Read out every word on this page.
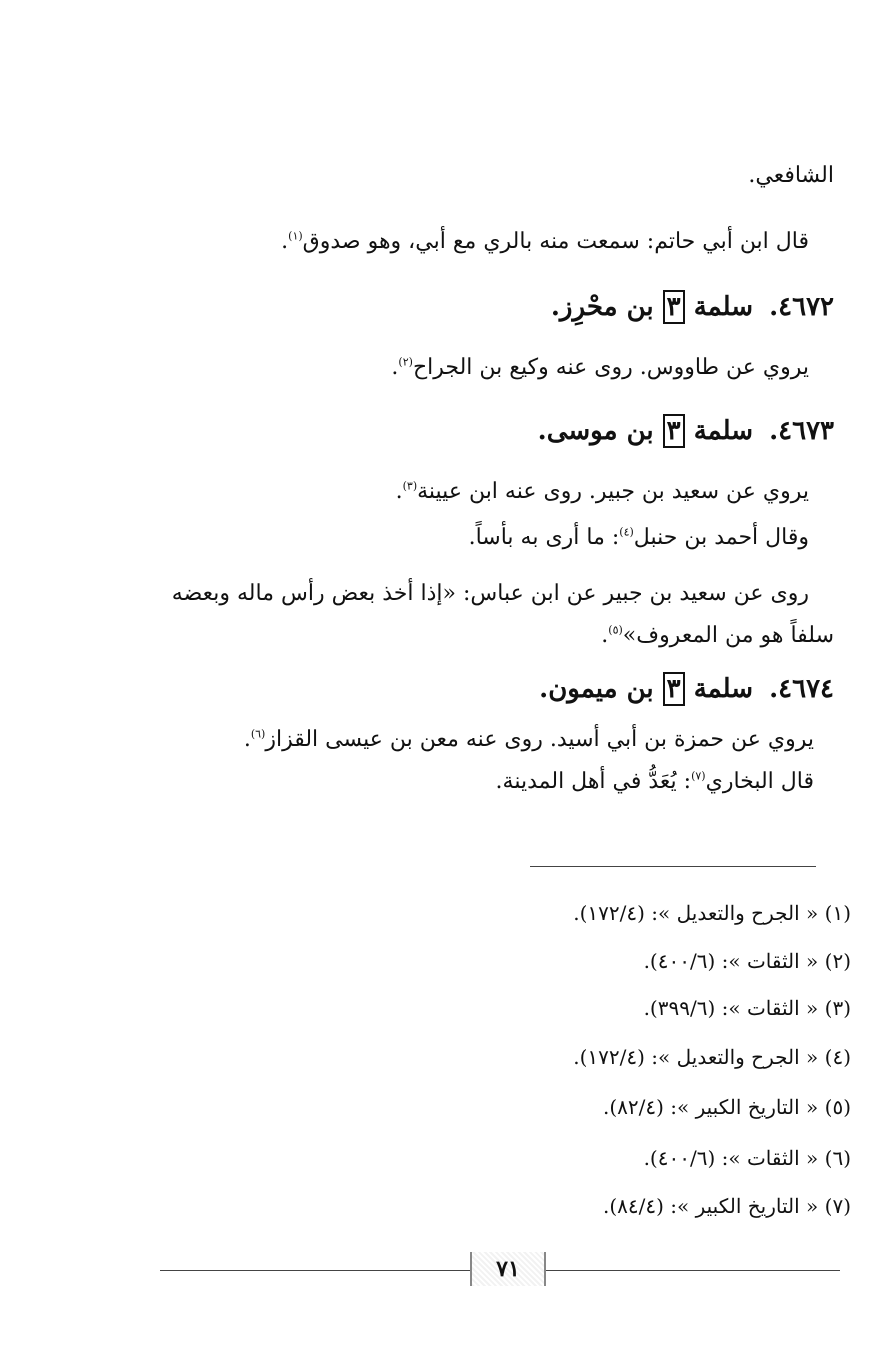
الشافعي.
قال ابن أبي حاتم: سمعت منه بالري مع أبي، وهو صدوق$^{(١)}$.
٤٦٧٢.سلمة ٣ بن محْرِز.
يروي عن طاووس. روى عنه وكيع بن الجراح$^{(٢)}$.
٤٦٧٣.سلمة ٣ بن موسى.
يروي عن سعيد بن جبير. روى عنه ابن عيينة$^{(٣)}$.
وقال أحمد بن حنبل$^{(٤)}$: ما أرى به بأساً.
روى عن سعيد بن جبير عن ابن عباس: «إذا أخذ بعض رأس ماله وبعضه
سلفاً هو من المعروف»$^{(٥)}$.
٤٦٧٤.سلمة ٣ بن ميمون.
يروي عن حمزة بن أبي أسيد. روى عنه معن بن عيسى القزاز$^{(٦)}$.
قال البخاري$^{(٧)}$: يُعَدُّ في أهل المدينة.
(١) « الجرح والتعديل »: (١٧٢/٤).
(٢) « الثقات »: (٤٠٠/٦).
(٣) « الثقات »: (٣٩٩/٦).
(٤) « الجرح والتعديل »: (١٧٢/٤).
(٥) « التاريخ الكبير »: (٨٢/٤).
(٦) « الثقات »: (٤٠٠/٦).
(٧) « التاريخ الكبير »: (٨٤/٤).
٧١
